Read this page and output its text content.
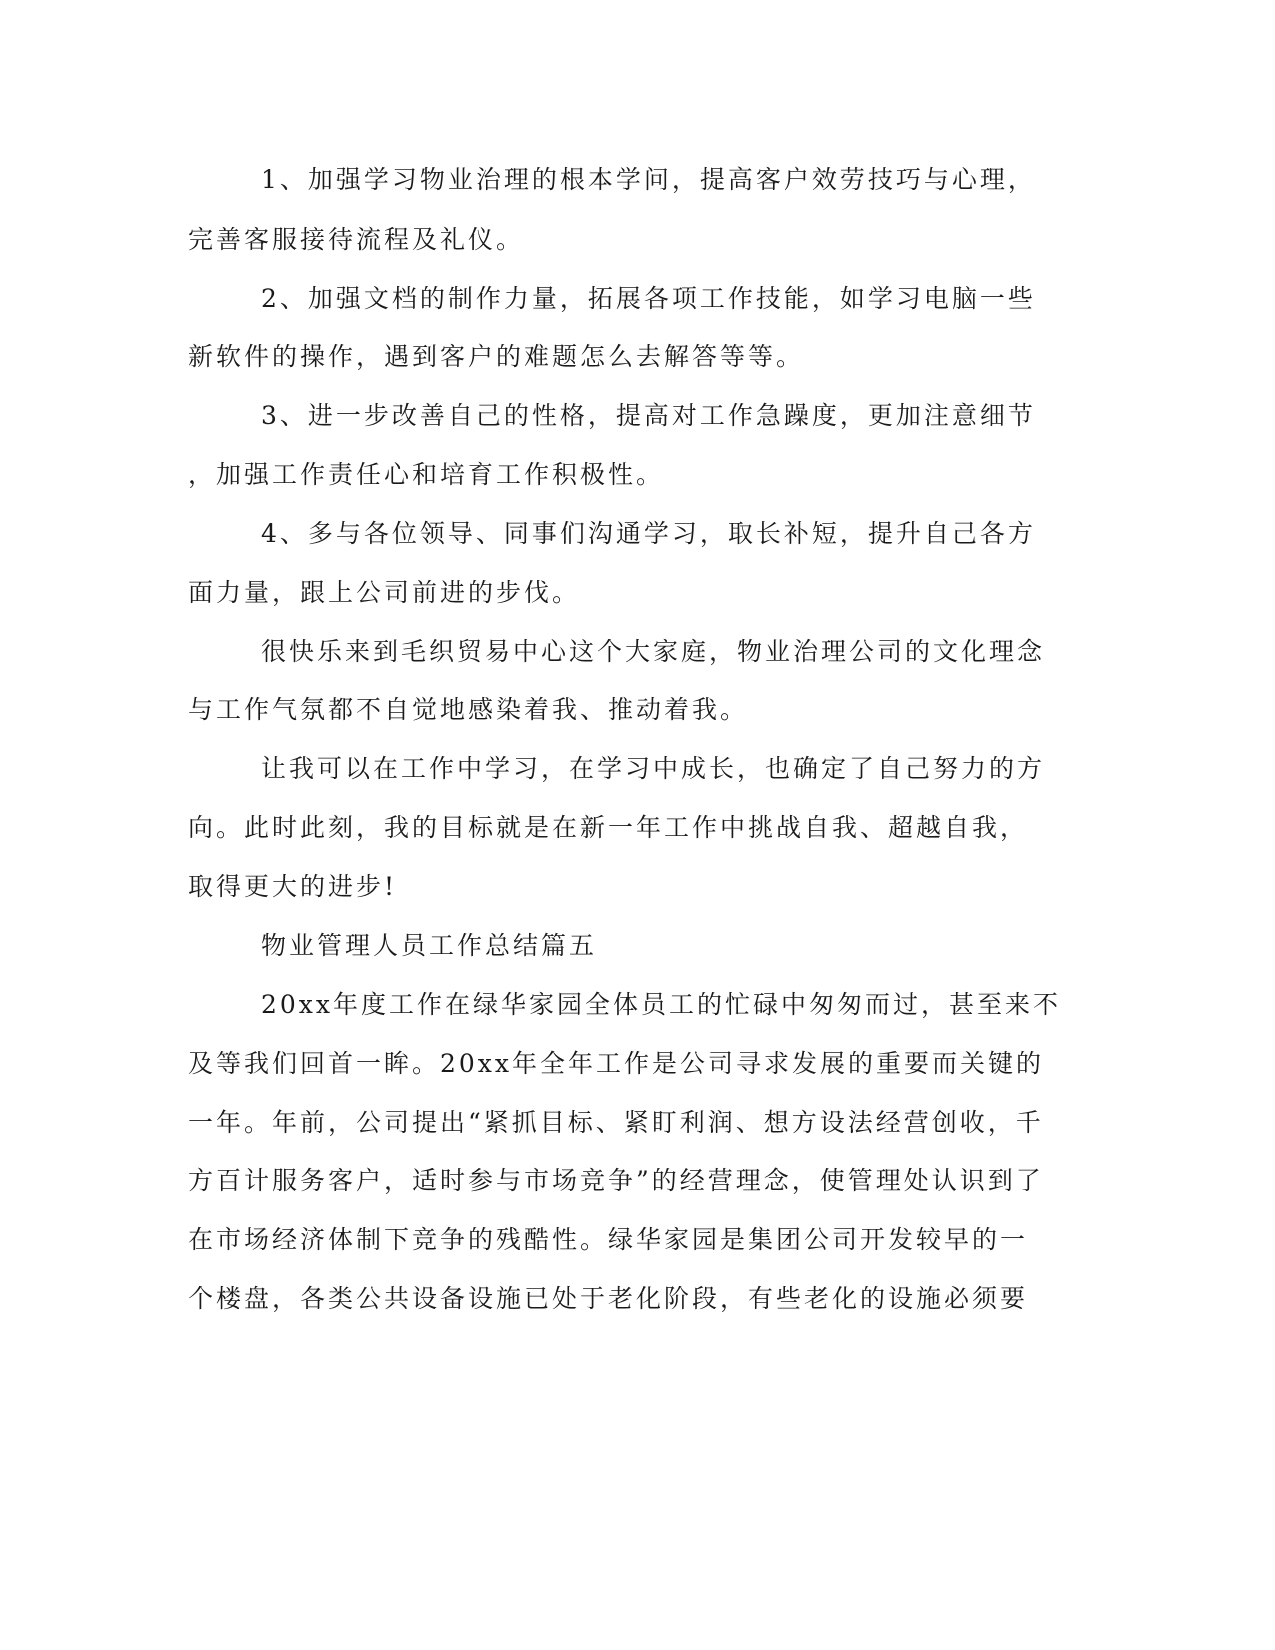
1、加强学习物业治理的根本学问，提高客户效劳技巧与心理，

完善客服接待流程及礼仪。

2、加强文档的制作力量，拓展各项工作技能，如学习电脑一些

新软件的操作，遇到客户的难题怎么去解答等等。

3、进一步改善自己的性格，提高对工作急躁度，更加注意细节

，加强工作责任心和培育工作积极性。

4、多与各位领导、同事们沟通学习，取长补短，提升自己各方

面力量，跟上公司前进的步伐。

很快乐来到毛织贸易中心这个大家庭，物业治理公司的文化理念

与工作气氛都不自觉地感染着我、推动着我。

让我可以在工作中学习，在学习中成长，也确定了自己努力的方

向。此时此刻，我的目标就是在新一年工作中挑战自我、超越自我，

取得更大的进步!

物业管理人员工作总结篇五

20xx年度工作在绿华家园全体员工的忙碌中匆匆而过，甚至来不

及等我们回首一眸。20xx年全年工作是公司寻求发展的重要而关键的

一年。年前，公司提出“紧抓目标、紧盯利润、想方设法经营创收，千

方百计服务客户，适时参与市场竞争”的经营理念，使管理处认识到了

在市场经济体制下竞争的残酷性。绿华家园是集团公司开发较早的一

个楼盘，各类公共设备设施已处于老化阶段，有些老化的设施必须要
